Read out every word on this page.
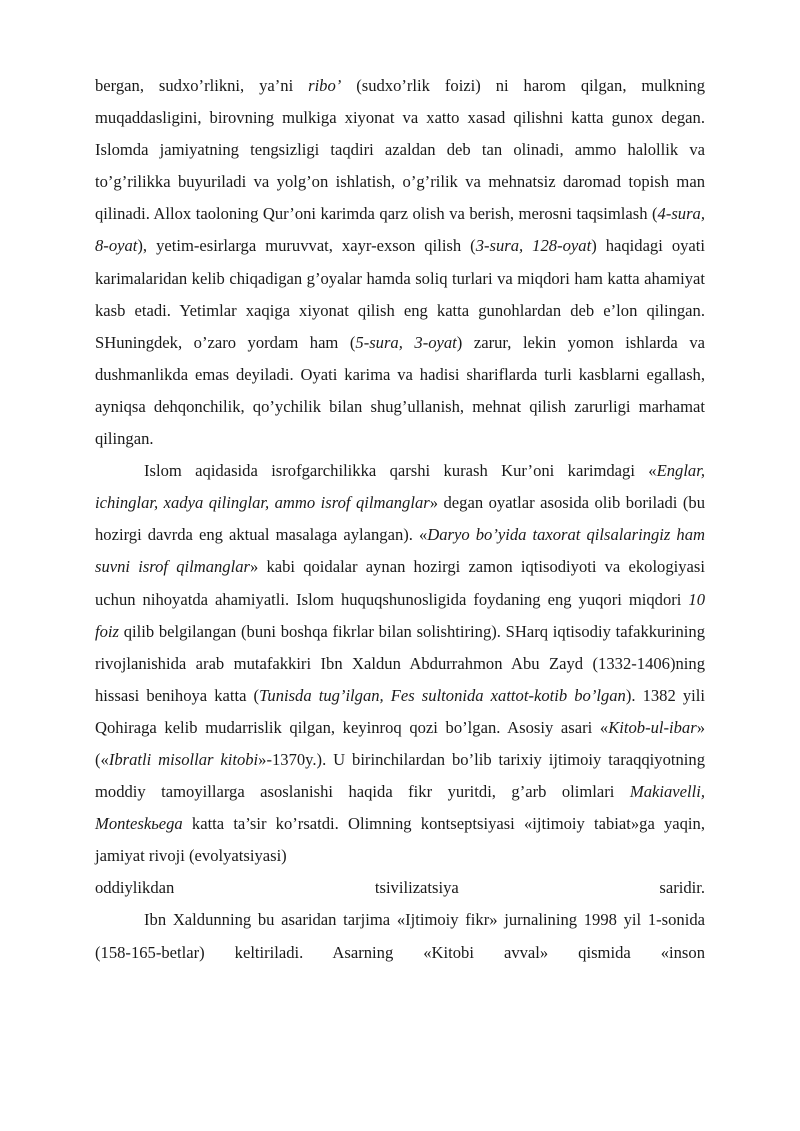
bergan, sudxo’rlikni, ya’ni ribo’ (sudxo’rlik foizi) ni harom qilgan, mulkning muqaddasligini, birovning mulkiga xiyonat va xatto xasad qilishni katta gunox degan. Islomda jamiyatning tengsizligi taqdiri azaldan deb tan olinadi, ammo halollik va to’g’rilikka buyuriladi va yolg’on ishlatish, o’g’rilik va mehnatsiz daromad topish man qilinadi. Allox taoloning Qur’oni karimda qarz olish va berish, merosni taqsimlash (4-sura, 8-oyat), yetim-esirlarga muruvvat, xayr-exson qilish (3-sura, 128-oyat) haqidagi oyati karimalaridan kelib chiqadigan g’oyalar hamda soliq turlari va miqdori ham katta ahamiyat kasb etadi. Yetimlar xaqiga xiyonat qilish eng katta gunohlardan deb e’lon qilingan. SHuningdek, o’zaro yordam ham (5-sura, 3-oyat) zarur, lekin yomon ishlarda va dushmanlikda emas deyiladi. Oyati karima va hadisi shariflarda turli kasblarni egallash, ayniqsa dehqonchilik, qo’ychilik bilan shug’ullanish, mehnat qilish zarurligi marhamat qilingan.

Islom aqidasida isrofgarchilikka qarshi kurash Kur’oni karimdagi «Englar, ichinglar, xadya qilinglar, ammo isrof qilmanglar» degan oyatlar asosida olib boriladi (bu hozirgi davrda eng aktual masalaga aylangan). «Daryo bo’yida taxorat qilsalaringiz ham suvni isrof qilmanglar» kabi qoidalar aynan hozirgi zamon iqtisodiyoti va ekologiyasi uchun nihoyatda ahamiyatli. Islom huquqshunosligida foydaning eng yuqori miqdori 10 foiz qilib belgilangan (buni boshqa fikrlar bilan solishtiring). SHarq iqtisodiy tafakkurining rivojlanishida arab mutafakkiri Ibn Xaldun Abdurrahmon Abu Zayd (1332-1406)ning hissasi benihoya katta (Tunisda tug’ilgan, Fes sultonida xattot-kotib bo’lgan). 1382 yili Qohiraga kelib mudarrislik qilgan, keyinroq qozi bo’lgan. Asosiy asari «Kitob-ul-ibar» («Ibratli misollar kitobi»-1370y.). U birinchilardan bo’lib tarixiy ijtimoiy taraqqiyotning moddiy tamoyillarga asoslanishi haqida fikr yuritdi, g’arb olimlari Makiavelli, Monteskьega katta ta’sir ko’rsatdi. Olimning kontseptsiyasi «ijtimoiy tabiat»ga yaqin, jamiyat rivoji (evolyatsiyasi)

oddiylikdan tsivilizatsiya saridir.

Ibn Xaldunning bu asaridan tarjima «Ijtimoiy fikr» jurnalining 1998 yil 1-sonida (158-165-betlar) keltiriladi. Asarning «Kitobi avval» qismida «inson
